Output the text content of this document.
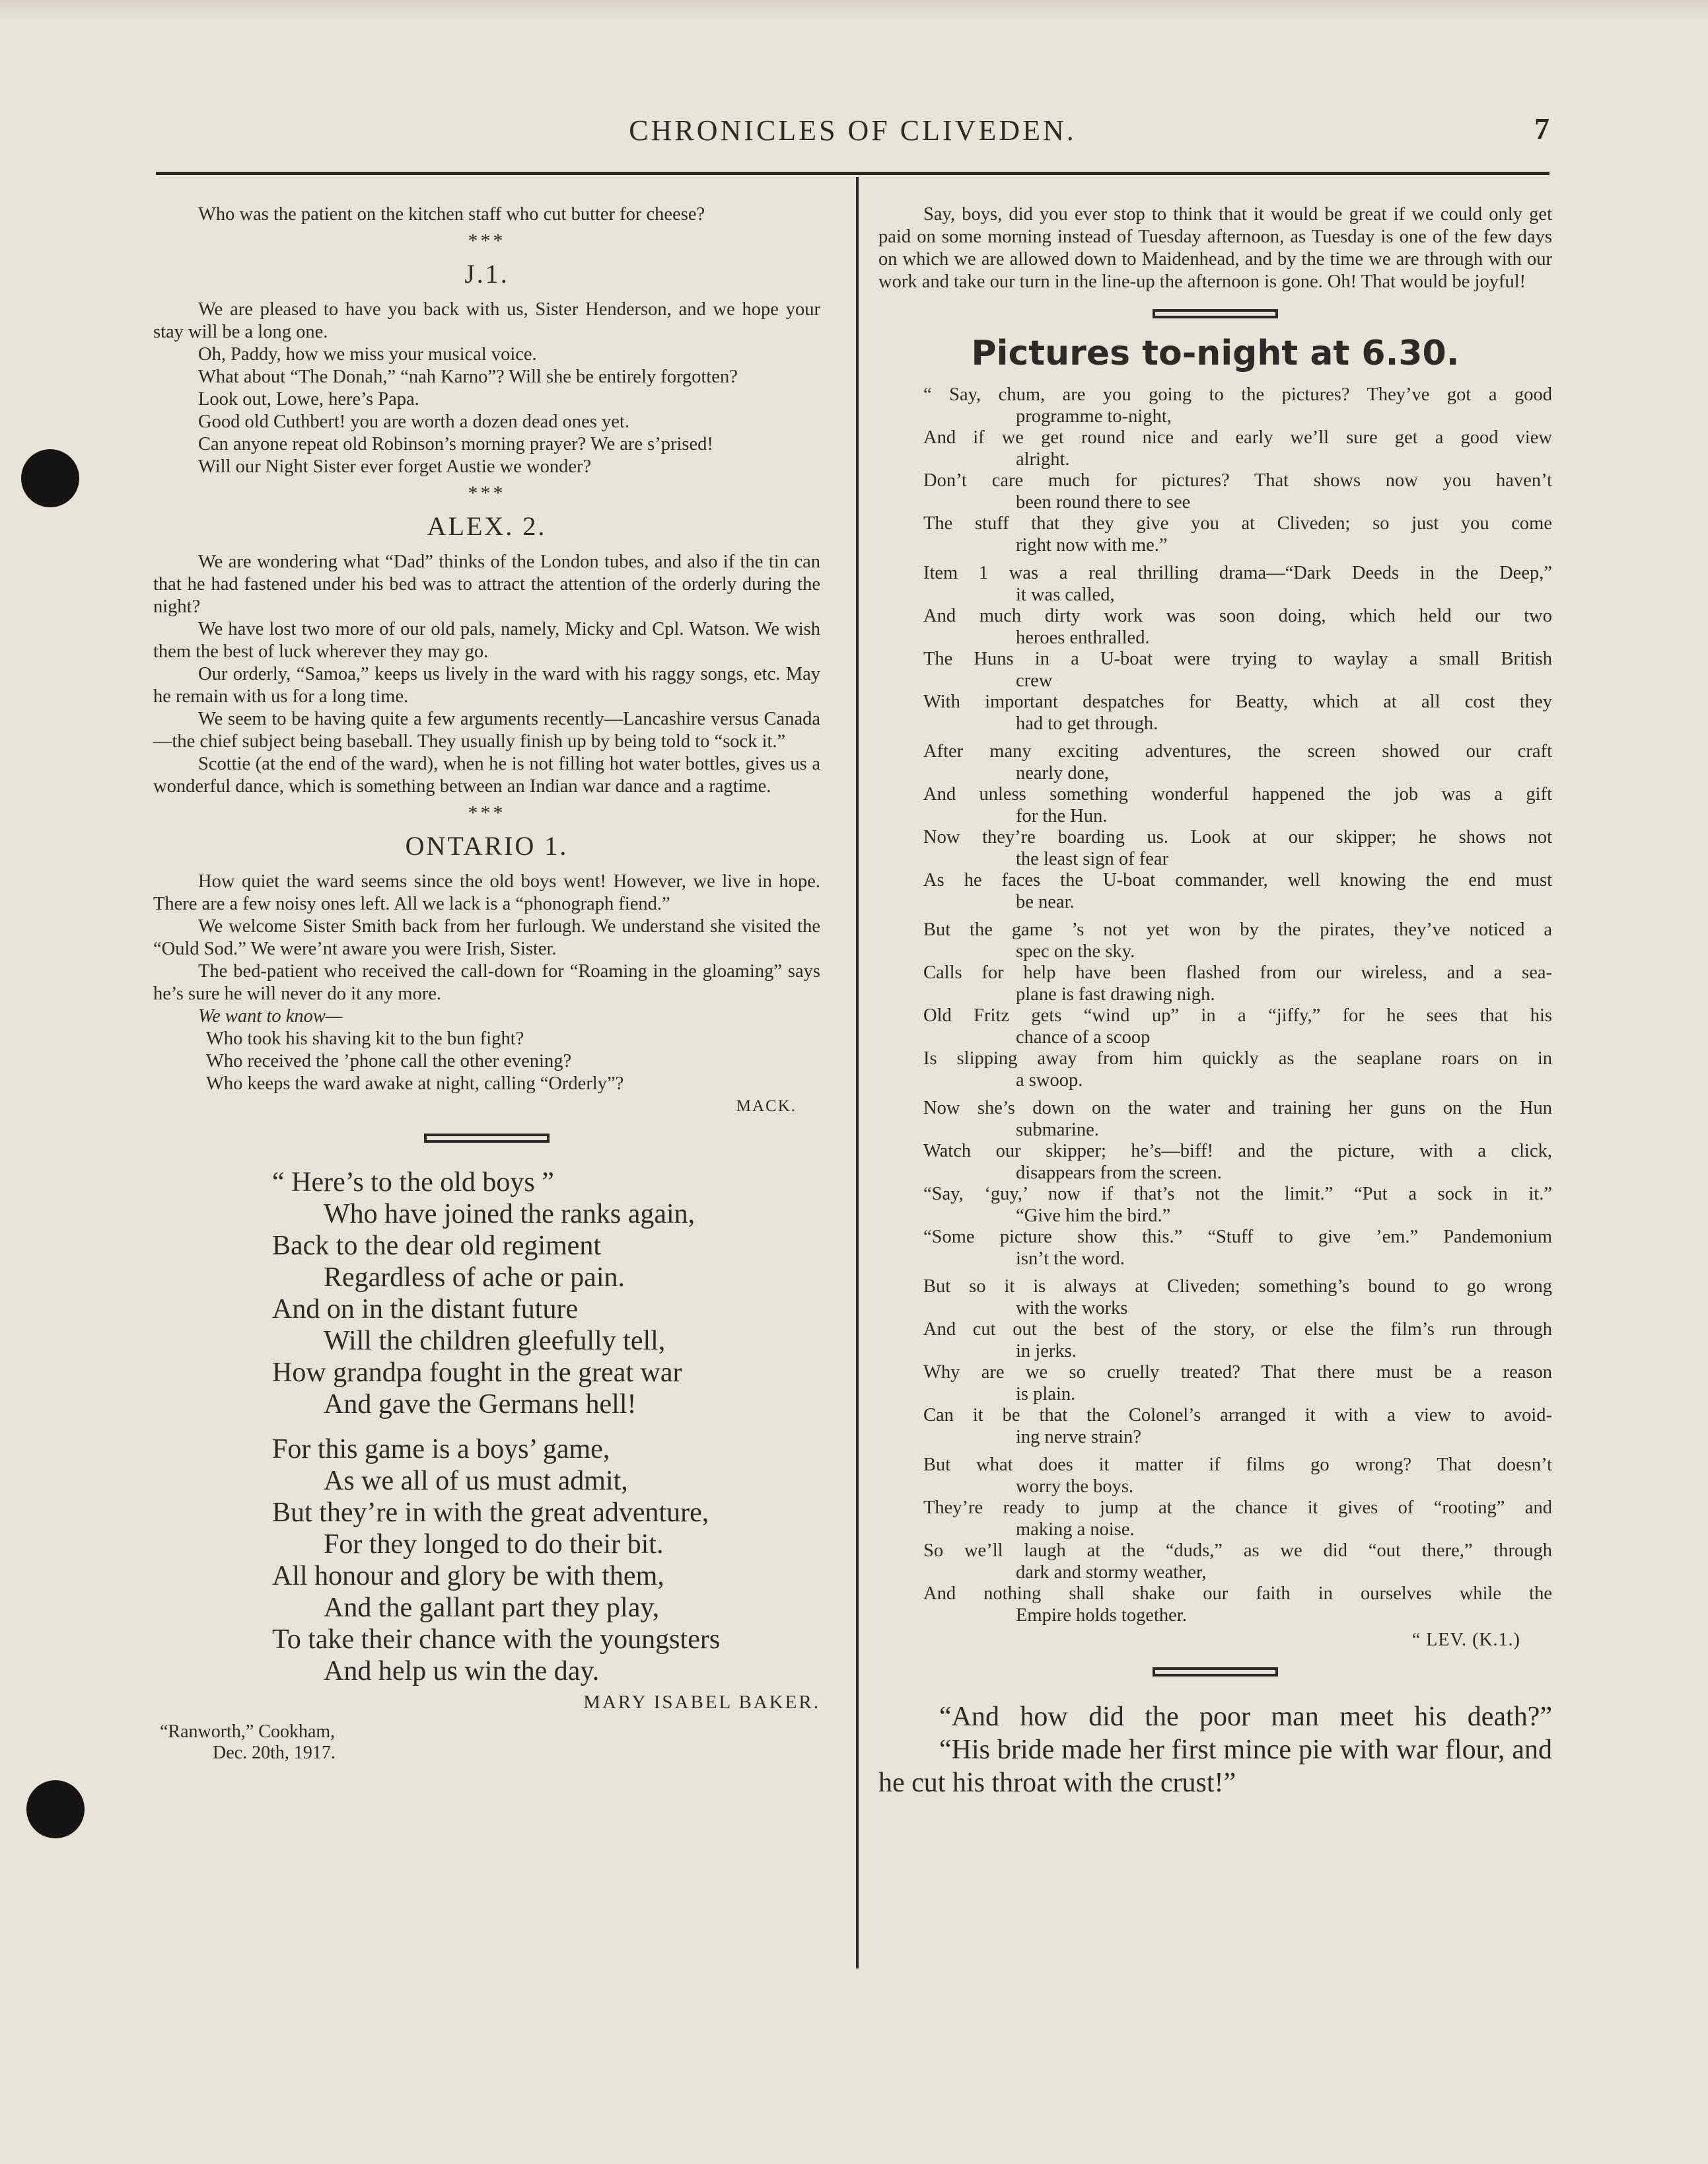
CHRONICLES OF CLIVEDEN.	7

Who was the patient on the kitchen staff who cut butter for cheese?

***
J.1.

We are pleased to have you back with us, Sister Henderson, and we hope your stay will be a long one.

Oh, Paddy, how we miss your musical voice.

What about “The Donah,” “nah Karno”? Will she be entirely forgotten?

Look out, Lowe, here’s Papa.

Good old Cuthbert! you are worth a dozen dead ones yet.

Can anyone repeat old Robinson’s morning prayer? We are s’prised!

Will our Night Sister ever forget Austie we wonder?

***
ALEX. 2.

We are wondering what “Dad” thinks of the London tubes, and also if the tin can that he had fastened under his bed was to attract the attention of the orderly during the night?

We have lost two more of our old pals, namely, Micky and Cpl. Watson. We wish them the best of luck wherever they may go.

Our orderly, “Samoa,” keeps us lively in the ward with his raggy songs, etc. May he remain with us for a long time.

We seem to be having quite a few arguments recently—Lancashire versus Canada—the chief subject being baseball. They usually finish up by being told to “sock it.”

Scottie (at the end of the ward), when he is not filling hot water bottles, gives us a wonderful dance, which is something between an Indian war dance and a ragtime.

***
ONTARIO 1.

How quiet the ward seems since the old boys went! However, we live in hope. There are a few noisy ones left. All we lack is a “phonograph fiend.”

We welcome Sister Smith back from her furlough. We understand she visited the “Ould Sod.” We were’nt aware you were Irish, Sister.

The bed-patient who received the call-down for “Roaming in the gloaming” says he’s sure he will never do it any more.

We want to know—

Who took his shaving kit to the bun fight?

Who received the ’phone call the other evening?

Who keeps the ward awake at night, calling “Orderly”?

MACK.

“ Here’s to the old boys ”

Who have joined the ranks again,

Back to the dear old regiment

Regardless of ache or pain.

And on in the distant future

Will the children gleefully tell,

How grandpa fought in the great war

And gave the Germans hell!

For this game is a boys’ game,

As we all of us must admit,

But they’re in with the great adventure,

For they longed to do their bit.

All honour and glory be with them,

And the gallant part they play,

To take their chance with the youngsters

And help us win the day.

MARY ISABEL BAKER.
“Ranworth,” Cookham,
Dec. 20th, 1917.

Say, boys, did you ever stop to think that it would be great if we could only get paid on some morning instead of Tuesday afternoon, as Tuesday is one of the few days on which we are allowed down to Maidenhead, and by the time we are through with our work and take our turn in the line-up the afternoon is gone. Oh! That would be joyful!

Pictures to-night at 6.30.

“ Say, chum, are you going to the pictures? They’ve got a good

programme to-night,

And if we get round nice and early we’ll sure get a good view

alright.

Don’t care much for pictures? That shows now you haven’t

been round there to see

The stuff that they give you at Cliveden; so just you come

right now with me.”

Item 1 was a real thrilling drama—“Dark Deeds in the Deep,”

it was called,

And much dirty work was soon doing, which held our two

heroes enthralled.

The Huns in a U-boat were trying to waylay a small British

crew

With important despatches for Beatty, which at all cost they

had to get through.

After many exciting adventures, the screen showed our craft

nearly done,

And unless something wonderful happened the job was a gift

for the Hun.

Now they’re boarding us. Look at our skipper; he shows not

the least sign of fear

As he faces the U-boat commander, well knowing the end must

be near.

But the game ’s not yet won by the pirates, they’ve noticed a

spec on the sky.

Calls for help have been flashed from our wireless, and a sea-

plane is fast drawing nigh.

Old Fritz gets “wind up” in a “jiffy,” for he sees that his

chance of a scoop

Is slipping away from him quickly as the seaplane roars on in

a swoop.

Now she’s down on the water and training her guns on the Hun

submarine.

Watch our skipper; he’s—biff! and the picture, with a click,

disappears from the screen.

“Say, ‘guy,’ now if that’s not the limit.” “Put a sock in it.”

“Give him the bird.”

“Some picture show this.” “Stuff to give ’em.” Pandemonium

isn’t the word.

But so it is always at Cliveden; something’s bound to go wrong

with the works

And cut out the best of the story, or else the film’s run through

in jerks.

Why are we so cruelly treated? That there must be a reason

is plain.

Can it be that the Colonel’s arranged it with a view to avoid-

ing nerve strain?

But what does it matter if films go wrong? That doesn’t

worry the boys.

They’re ready to jump at the chance it gives of “rooting” and

making a noise.

So we’ll laugh at the “duds,” as we did “out there,” through

dark and stormy weather,

And nothing shall shake our faith in ourselves while the

Empire holds together.

“ LEV. (K.1.)

“And how did the poor man meet his death?”

“His bride made her first mince pie with war flour, and he cut his throat with the crust!”
